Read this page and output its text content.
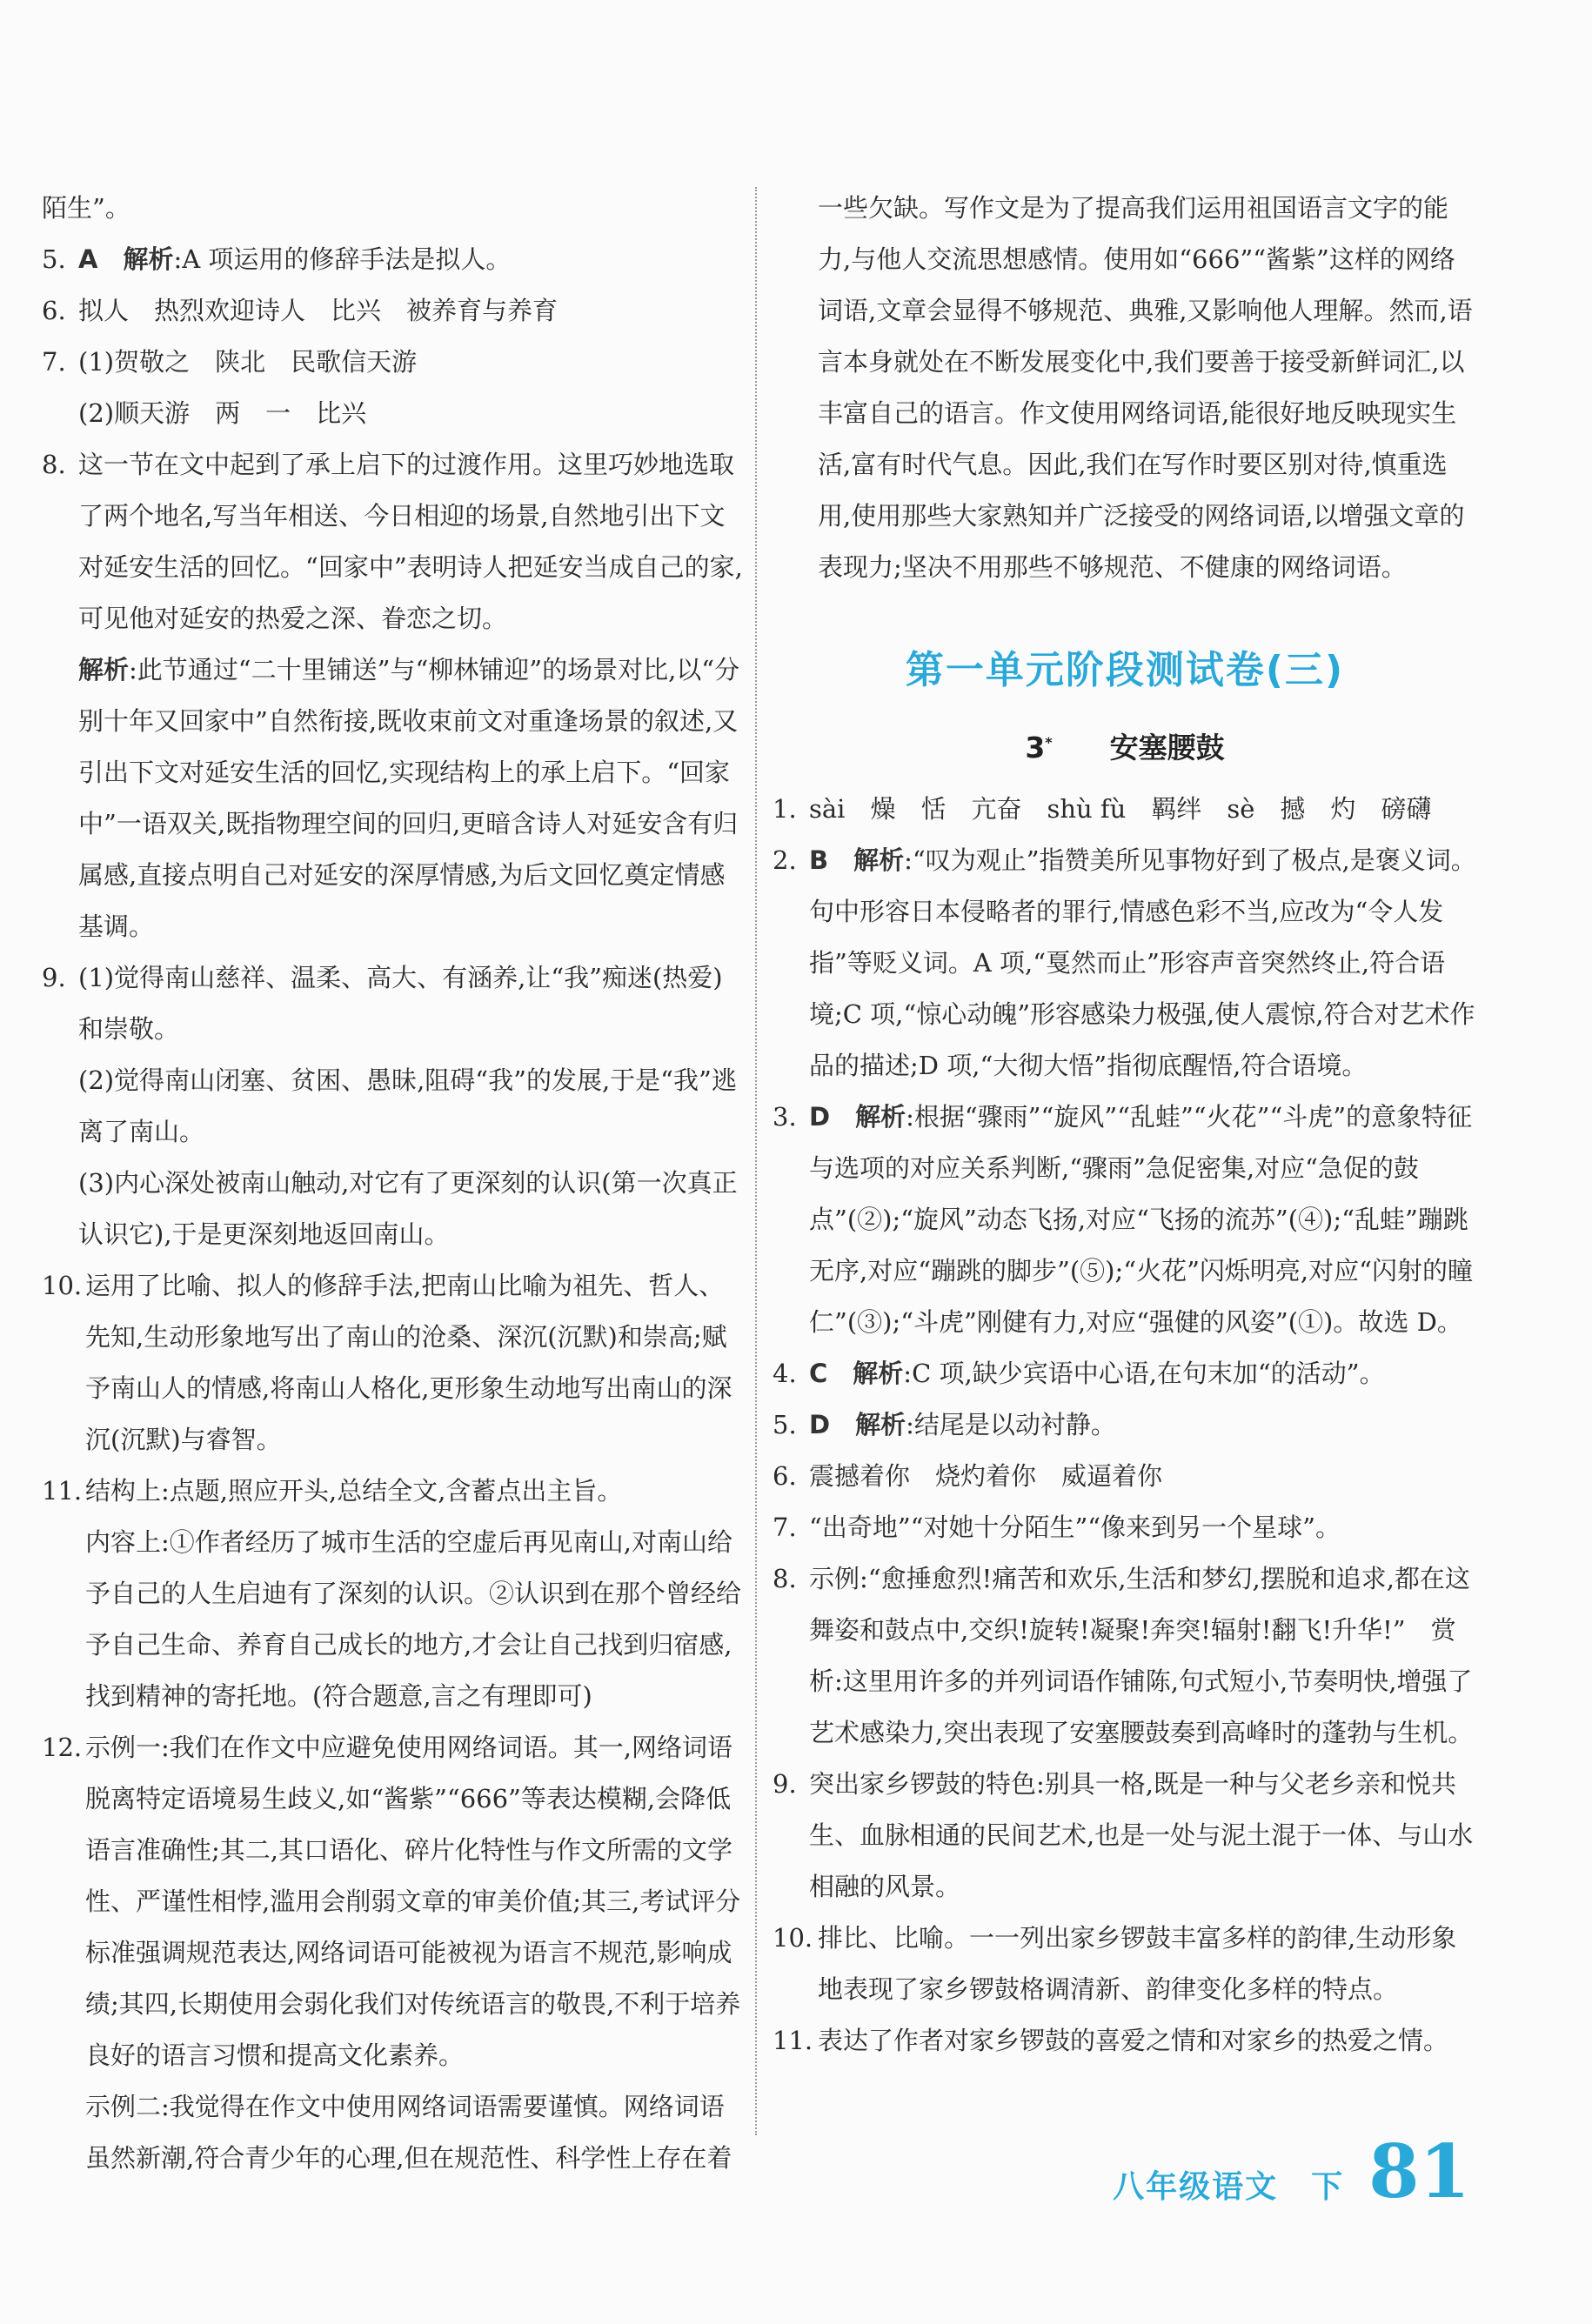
陌生”。
5. A　解析:A 项运用的修辞手法是拟人。
6. 拟人　热烈欢迎诗人　比兴　被养育与养育
7. (1)贺敬之　陕北　民歌信天游
(2)顺天游　两　一　比兴
8. 这一节在文中起到了承上启下的过渡作用。这里巧妙地选取了两个地名,写当年相送、今日相迎的场景,自然地引出下文对延安生活的回忆。“回家中”表明诗人把延安当成自己的家,可见他对延安的热爱之深、眷恋之切。
解析:此节通过“二十里铺送”与“柳林铺迎”的场景对比,以“分别十年又回家中”自然衔接,既收束前文对重逢场景的叙述,又引出下文对延安生活的回忆,实现结构上的承上启下。“回家中”一语双关,既指物理空间的回归,更暗含诗人对延安含有归属感,直接点明自己对延安的深厚情感,为后文回忆奠定情感基调。
9. (1)觉得南山慈祥、温柔、高大、有涵养,让“我”痴迷(热爱)和崇敬。
(2)觉得南山闭塞、贫困、愚昧,阻碍“我”的发展,于是“我”逃离了南山。
(3)内心深处被南山触动,对它有了更深刻的认识(第一次真正认识它),于是更深刻地返回南山。
10. 运用了比喻、拟人的修辞手法,把南山比喻为祖先、哲人、先知,生动形象地写出了南山的沧桑、深沉(沉默)和崇高;赋予南山人的情感,将南山人格化,更形象生动地写出南山的深沉(沉默)与睿智。
11. 结构上:点题,照应开头,总结全文,含蓄点出主旨。
内容上:①作者经历了城市生活的空虚后再见南山,对南山给予自己的人生启迪有了深刻的认识。②认识到在那个曾经给予自己生命、养育自己成长的地方,才会让自己找到归宿感,找到精神的寄托地。(符合题意,言之有理即可)
12. 示例一:我们在作文中应避免使用网络词语。其一,网络词语脱离特定语境易生歧义,如“酱紫”“666”等表达模糊,会降低语言准确性;其二,其口语化、碎片化特性与作文所需的文学性、严谨性相悖,滥用会削弱文章的审美价值;其三,考试评分标准强调规范表达,网络词语可能被视为语言不规范,影响成绩;其四,长期使用会弱化我们对传统语言的敬畏,不利于培养良好的语言习惯和提高文化素养。
示例二:我觉得在作文中使用网络词语需要谨慎。网络词语虽然新潮,符合青少年的心理,但在规范性、科学性上存在着
一些欠缺。写作文是为了提高我们运用祖国语言文字的能力,与他人交流思想感情。使用如“666”“酱紫”这样的网络词语,文章会显得不够规范、典雅,又影响他人理解。然而,语言本身就处在不断发展变化中,我们要善于接受新鲜词汇,以丰富自己的语言。作文使用网络词语,能很好地反映现实生活,富有时代气息。因此,我们在写作时要区别对待,慎重选用,使用那些大家熟知并广泛接受的网络词语,以增强文章的表现力;坚决不用那些不够规范、不健康的网络词语。
第一单元阶段测试卷(三)
3*　　 安塞腰鼓
1. sài　燥　恬　亢奋　shù fù　羁绊　sè　撼　灼　磅礴
2. B　解析:“叹为观止”指赞美所见事物好到了极点,是褒义词。句中形容日本侵略者的罪行,情感色彩不当,应改为“令人发指”等贬义词。A 项,“戛然而止”形容声音突然终止,符合语境;C 项,“惊心动魄”形容感染力极强,使人震惊,符合对艺术作品的描述;D 项,“大彻大悟”指彻底醒悟,符合语境。
3. D　解析:根据“骤雨”“旋风”“乱蛙”“火花”“斗虎”的意象特征与选项的对应关系判断,“骤雨”急促密集,对应“急促的鼓点”(②);“旋风”动态飞扬,对应“飞扬的流苏”(④);“乱蛙”蹦跳无序,对应“蹦跳的脚步”(⑤);“火花”闪烁明亮,对应“闪射的瞳仁”(③);“斗虎”刚健有力,对应“强健的风姿”(①)。故选 D。
4. C　解析:C 项,缺少宾语中心语,在句末加“的活动”。
5. D　解析:结尾是以动衬静。
6. 震撼着你　烧灼着你　威逼着你
7. “出奇地”“对她十分陌生”“像来到另一个星球”。
8. 示例:“愈捶愈烈!痛苦和欢乐,生活和梦幻,摆脱和追求,都在这舞姿和鼓点中,交织!旋转!凝聚!奔突!辐射!翻飞!升华!”　赏析:这里用许多的并列词语作铺陈,句式短小,节奏明快,增强了艺术感染力,突出表现了安塞腰鼓奏到高峰时的蓬勃与生机。
9. 突出家乡锣鼓的特色:别具一格,既是一种与父老乡亲和悦共生、血脉相通的民间艺术,也是一处与泥土混于一体、与山水相融的风景。
10. 排比、比喻。一一列出家乡锣鼓丰富多样的韵律,生动形象地表现了家乡锣鼓格调清新、韵律变化多样的特点。
11. 表达了作者对家乡锣鼓的喜爱之情和对家乡的热爱之情。
八年级语文　下 81
